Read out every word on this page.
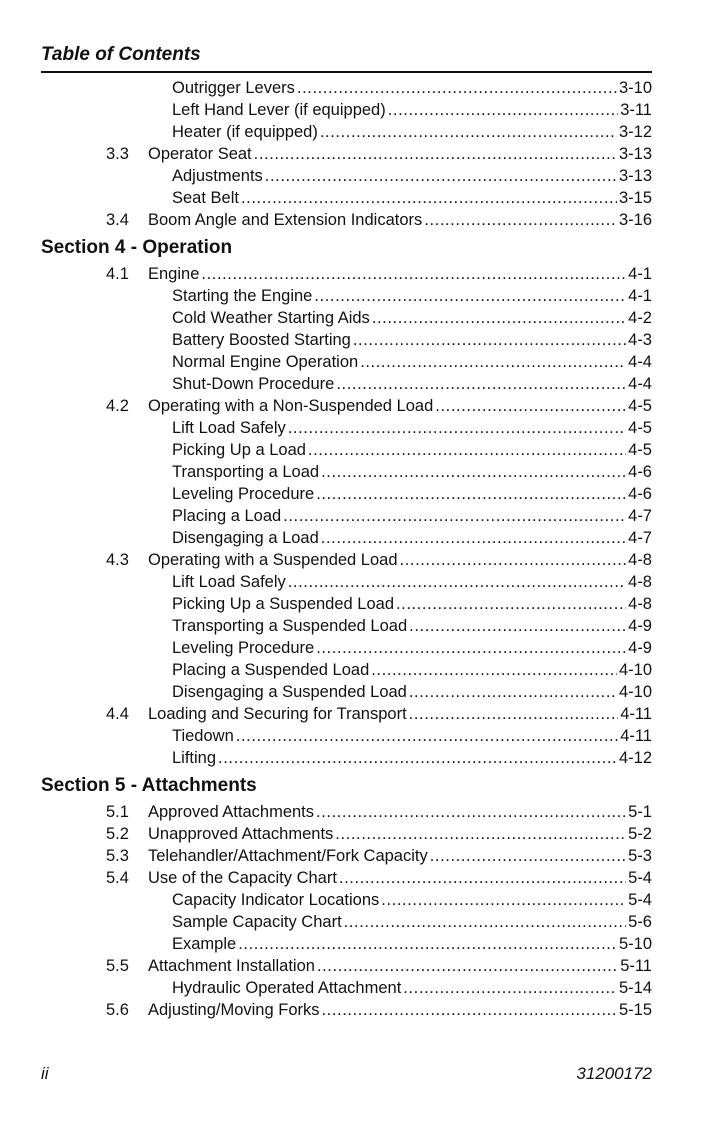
Table of Contents
Outrigger Levers .....	3-10
Left Hand Lever (if equipped) .....	3-11
Heater (if equipped) .....	3-12
3.3 Operator Seat .....	3-13
Adjustments .....	3-13
Seat Belt .....	3-15
3.4 Boom Angle and Extension Indicators .....	3-16
Section 4 - Operation
4.1 Engine .....	4-1
Starting the Engine .....	4-1
Cold Weather Starting Aids .....	4-2
Battery Boosted Starting .....	4-3
Normal Engine Operation .....	4-4
Shut-Down Procedure .....	4-4
4.2 Operating with a Non-Suspended Load .....	4-5
Lift Load Safely .....	4-5
Picking Up a Load .....	4-5
Transporting a Load .....	4-6
Leveling Procedure .....	4-6
Placing a Load .....	4-7
Disengaging a Load .....	4-7
4.3 Operating with a Suspended Load .....	4-8
Lift Load Safely .....	4-8
Picking Up a Suspended Load .....	4-8
Transporting a Suspended Load .....	4-9
Leveling Procedure .....	4-9
Placing a Suspended Load .....	4-10
Disengaging a Suspended Load .....	4-10
4.4 Loading and Securing for Transport .....	4-11
Tiedown .....	4-11
Lifting .....	4-12
Section 5 - Attachments
5.1 Approved Attachments .....	5-1
5.2 Unapproved Attachments .....	5-2
5.3 Telehandler/Attachment/Fork Capacity .....	5-3
5.4 Use of the Capacity Chart .....	5-4
Capacity Indicator Locations .....	5-4
Sample Capacity Chart .....	5-6
Example .....	5-10
5.5 Attachment Installation .....	5-11
Hydraulic Operated Attachment .....	5-14
5.6 Adjusting/Moving Forks .....	5-15
ii	31200172
